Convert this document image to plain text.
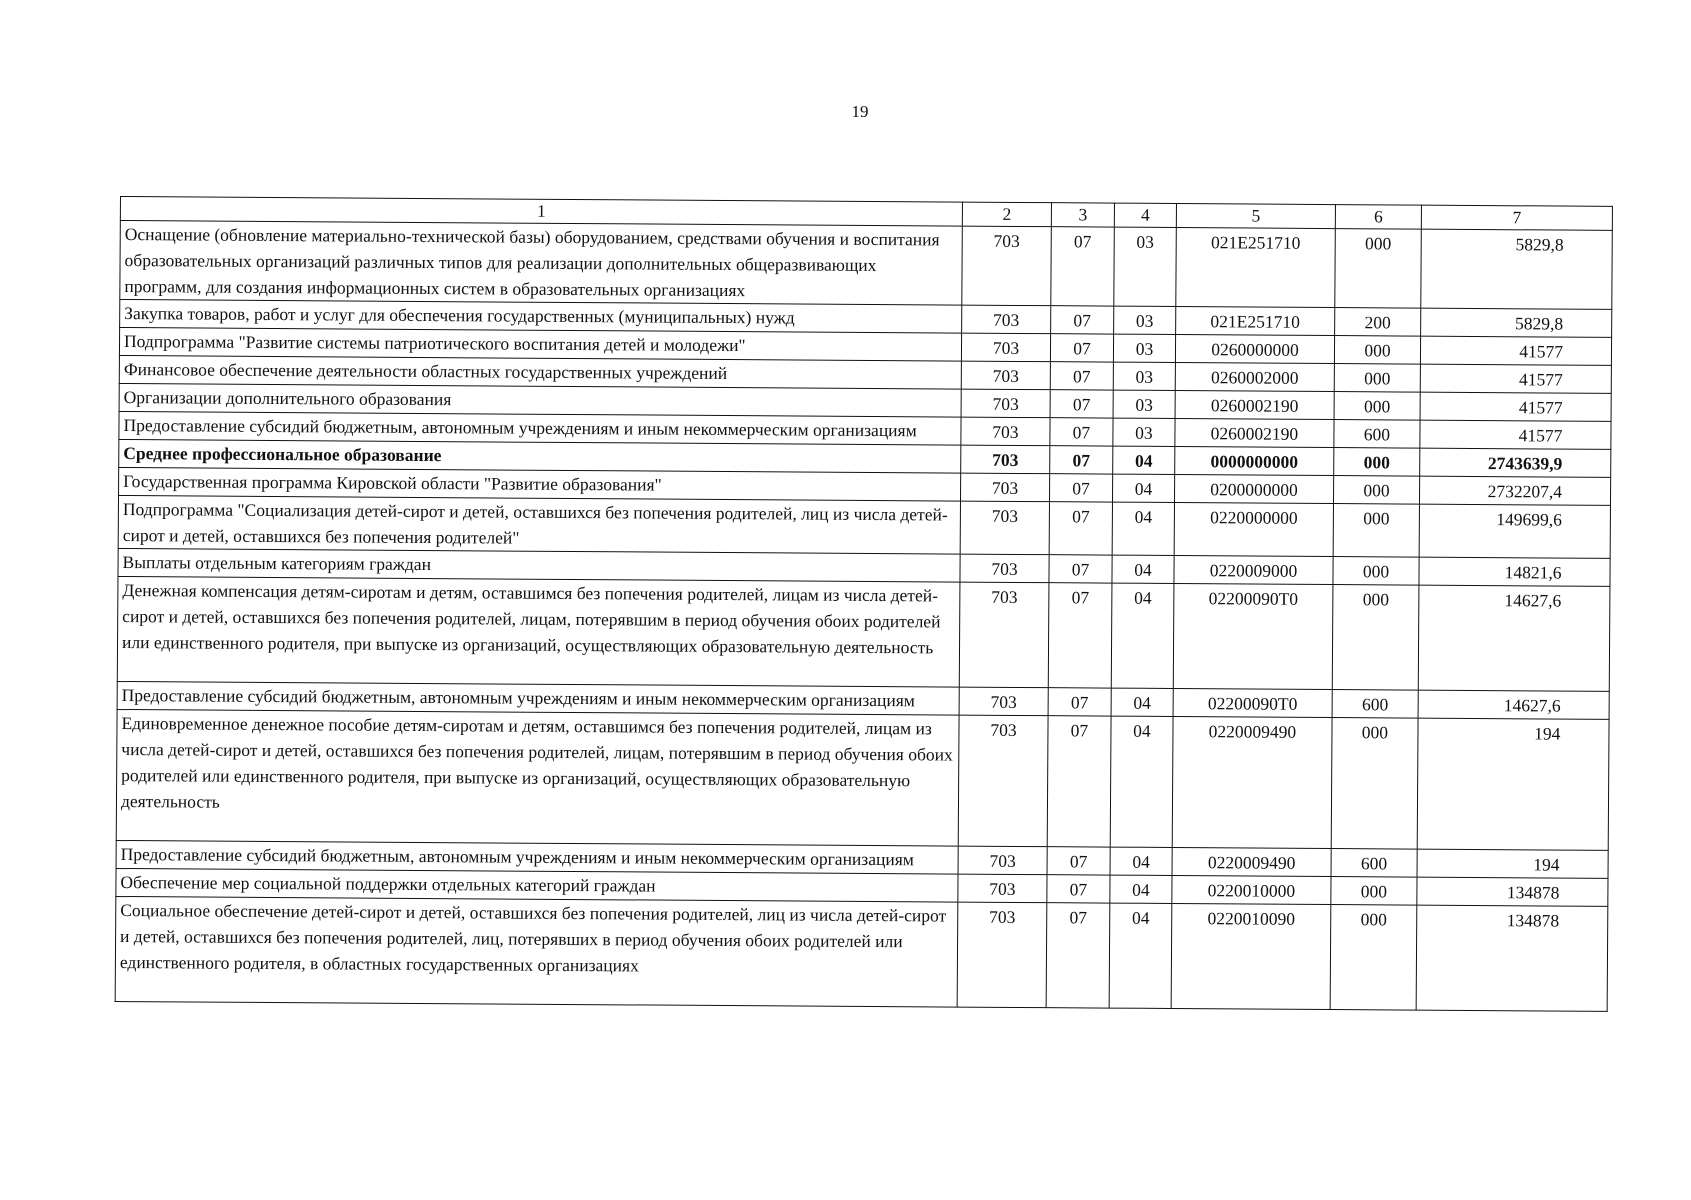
19
1	2	3	4	5	6	7
Оснащение (обновление материально-технической базы) оборудованием, средствами обучения и воспитания образовательных организаций различных типов для реализации дополнительных общеразвивающих программ, для создания информационных систем в образовательных организациях	703	07	03	021E251710	000	5829,8
Закупка товаров, работ и услуг для обеспечения государственных (муниципальных) нужд	703	07	03	021E251710	200	5829,8
Подпрограмма "Развитие системы патриотического воспитания детей и молодежи"	703	07	03	0260000000	000	41577
Финансовое обеспечение деятельности областных государственных учреждений	703	07	03	0260002000	000	41577
Организации дополнительного образования	703	07	03	0260002190	000	41577
Предоставление субсидий бюджетным, автономным учреждениям и иным некоммерческим организациям	703	07	03	0260002190	600	41577
Среднее профессиональное образование	703	07	04	0000000000	000	2743639,9
Государственная программа Кировской области "Развитие образования"	703	07	04	0200000000	000	2732207,4
Подпрограмма "Социализация детей-сирот и детей, оставшихся без попечения родителей, лиц из числа детей-сирот и детей, оставшихся без попечения родителей"	703	07	04	0220000000	000	149699,6
Выплаты отдельным категориям граждан	703	07	04	0220009000	000	14821,6
Денежная компенсация детям-сиротам и детям, оставшимся без попечения родителей, лицам из числа детей-сирот и детей, оставшихся без попечения родителей, лицам, потерявшим в период обучения обоих родителей или единственного родителя, при выпуске из организаций, осуществляющих образовательную деятельность	703	07	04	02200090Т0	000	14627,6
Предоставление субсидий бюджетным, автономным учреждениям и иным некоммерческим организациям	703	07	04	02200090Т0	600	14627,6
Единовременное денежное пособие детям-сиротам и детям, оставшимся без попечения родителей, лицам из числа детей-сирот и детей, оставшихся без попечения родителей, лицам, потерявшим в период обучения обоих родителей или единственного родителя, при выпуске из организаций, осуществляющих образовательную деятельность	703	07	04	0220009490	000	194
Предоставление субсидий бюджетным, автономным учреждениям и иным некоммерческим организациям	703	07	04	0220009490	600	194
Обеспечение мер социальной поддержки отдельных категорий граждан	703	07	04	0220010000	000	134878
Социальное обеспечение детей-сирот и детей, оставшихся без попечения родителей, лиц из числа детей-сирот и детей, оставшихся без попечения родителей, лиц, потерявших в период обучения обоих родителей или единственного родителя, в областных государственных организациях	703	07	04	0220010090	000	134878
